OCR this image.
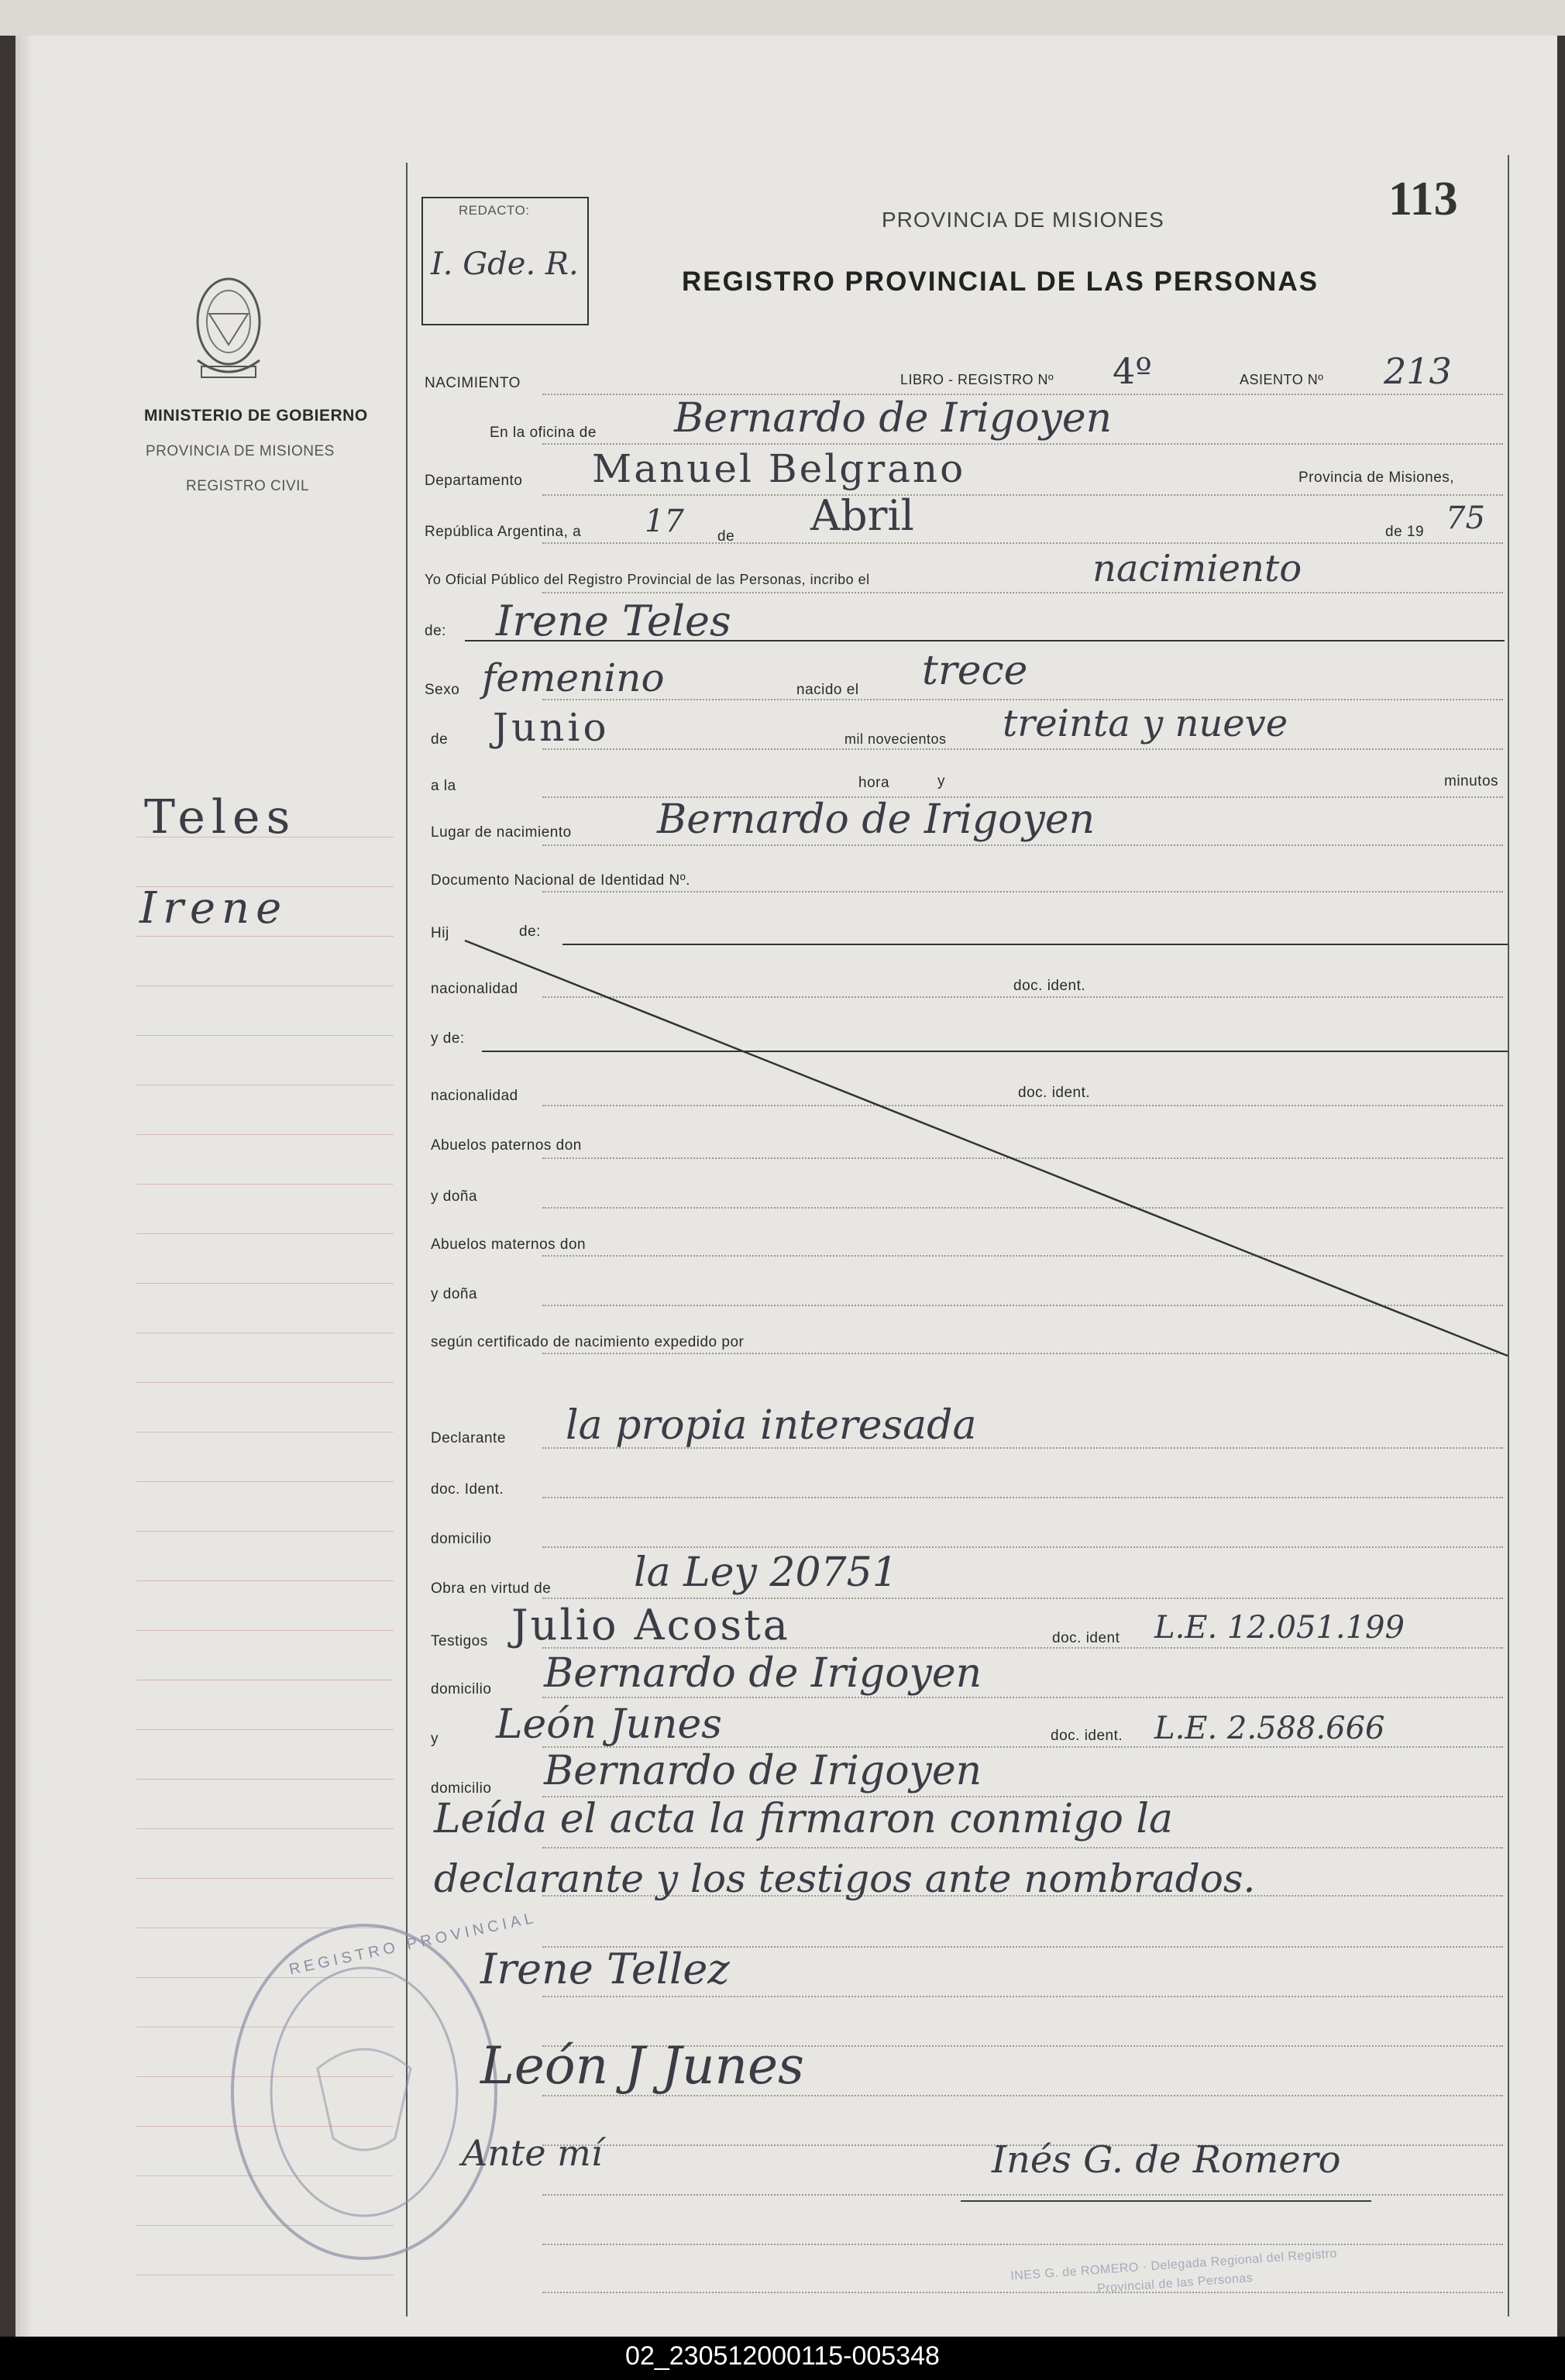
MINISTERIO DE GOBIERNO
PROVINCIA DE MISIONES
REGISTRO CIVIL
Teles
Irene
REDACTO:
I. Gde. R.
PROVINCIA DE MISIONES
REGISTRO PROVINCIAL DE LAS PERSONAS
113
NACIMIENTO	LIBRO - REGISTRO Nº 4º	ASIENTO Nº 213
En la oficina de Bernardo de Irigoyen
Departamento Manuel Belgrano	Provincia de Misiones,
República Argentina, a 17 de Abril	de 19 75
Yo Oficial Público del Registro Provincial de las Personas, incribo el	nacimiento
de: Irene Teles
Sexo femenino	nacido el trece
de Junio	mil novecientos treinta y nueve
a la	hora	y	minutos
Lugar de nacimiento Bernardo de Irigoyen
Documento Nacional de Identidad Nº.
Hij	de:
nacionalidad	doc. ident.
y de:
nacionalidad	doc. ident.
Abuelos paternos don
y doña
Abuelos maternos don
y doña
según certificado de nacimiento expedido por
Declarante la propia interesada
doc. Ident.
domicilio
Obra en virtud de la Ley 20751
Testigos Julio Acosta	doc. ident L.E. 12.051.199
domicilio Bernardo de Irigoyen
y León Junes	doc. ident. L.E. 2.588.666
domicilio Bernardo de Irigoyen
Leída el acta la firmaron conmigo la
declarante y los testigos ante nombrados.
REGISTRO PROVINCIAL
Irene Tellez
León J Junes
Ante mí	Inés G. de Romero
INES G. de ROMERO · Delegada Regional del Registro Provincial de las Personas
02_230512000115-005348
